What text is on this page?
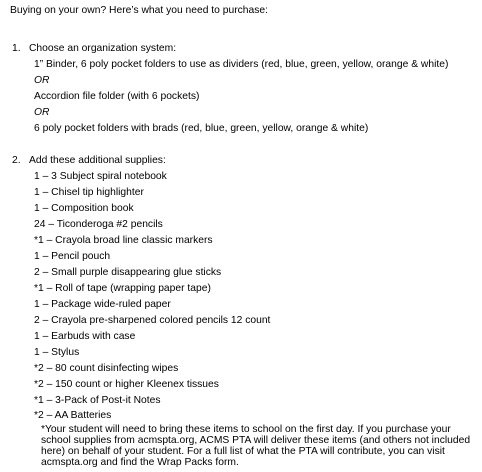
Buying on your own? Here’s what you need to purchase:
1. Choose an organization system:
1” Binder, 6 poly pocket folders to use as dividers (red, blue, green, yellow, orange & white)
OR
Accordion file folder (with 6 pockets)
OR
6 poly pocket folders with brads (red, blue, green, yellow, orange & white)
2. Add these additional supplies:
1 – 3 Subject spiral notebook
1 – Chisel tip highlighter
1 – Composition book
24 – Ticonderoga #2 pencils
*1 – Crayola broad line classic markers
1 – Pencil pouch
2 – Small purple disappearing glue sticks
*1 – Roll of tape (wrapping paper tape)
1 – Package wide-ruled paper
2 – Crayola pre-sharpened colored pencils 12 count
1 – Earbuds with case
1 – Stylus
*2 – 80 count disinfecting wipes
*2 – 150 count or higher Kleenex tissues
*1 – 3-Pack of Post-it Notes
*2 – AA Batteries
*Your student will need to bring these items to school on the first day. If you purchase your school supplies from acmspta.org, ACMS PTA will deliver these items (and others not included here) on behalf of your student. For a full list of what the PTA will contribute, you can visit acmspta.org and find the Wrap Packs form.
